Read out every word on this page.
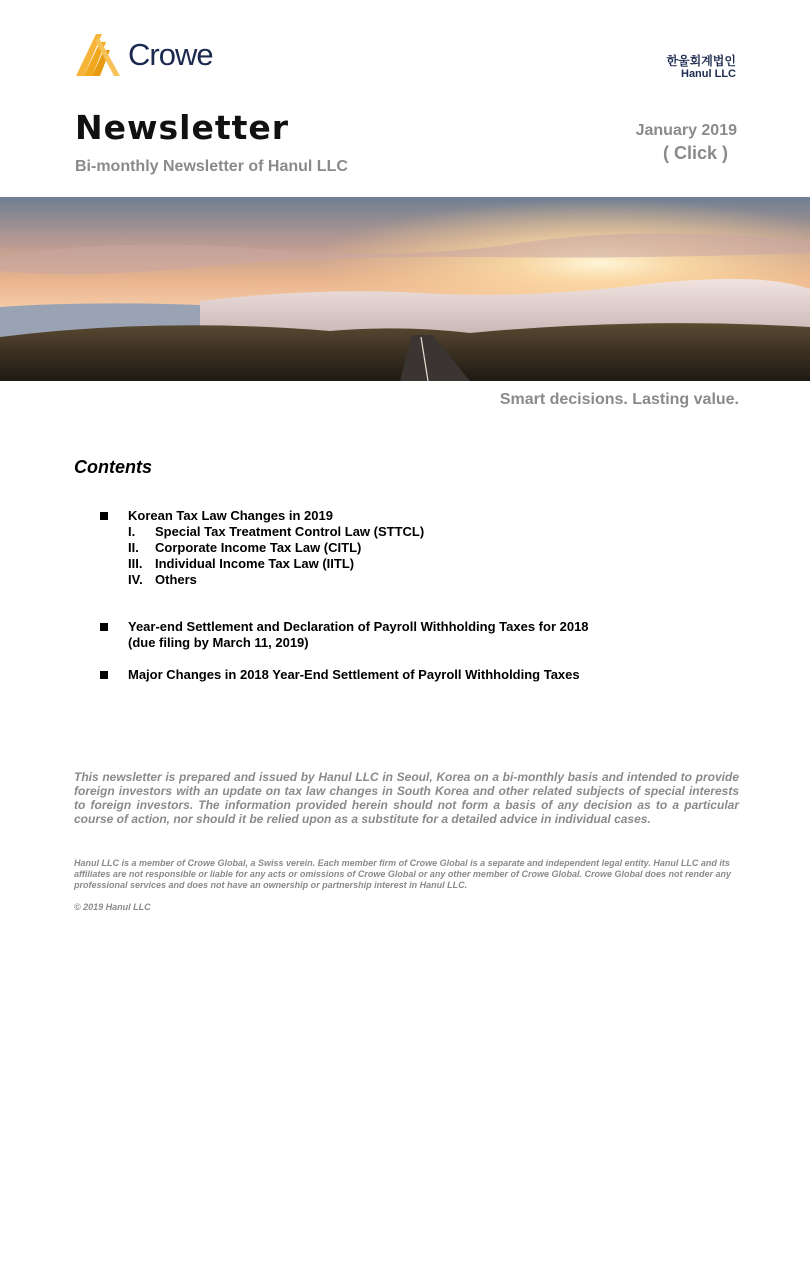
Crowe	한울회계법인
Hanul LLC
Newsletter
Bi-monthly Newsletter of Hanul LLC
January 2019
( Click )
Smart decisions. Lasting value.
Contents
Korean Tax Law Changes in 2019
I. Special Tax Treatment Control Law (STTCL)
II. Corporate Income Tax Law (CITL)
III. Individual Income Tax Law (IITL)
IV. Others
Year-end Settlement and Declaration of Payroll Withholding Taxes for 2018
(due filing by March 11, 2019)
Major Changes in 2018 Year-End Settlement of Payroll Withholding Taxes
This newsletter is prepared and issued by Hanul LLC in Seoul, Korea on a bi-monthly basis and intended to provide foreign investors with an update on tax law changes in South Korea and other related subjects of special interests to foreign investors. The information provided herein should not form a basis of any decision as to a particular course of action, nor should it be relied upon as a substitute for a detailed advice in individual cases.
Hanul LLC is a member of Crowe Global, a Swiss verein. Each member firm of Crowe Global is a separate and independent legal entity. Hanul LLC and its affiliates are not responsible or liable for any acts or omissions of Crowe Global or any other member of Crowe Global. Crowe Global does not render any professional services and does not have an ownership or partnership interest in Hanul LLC.
© 2019 Hanul LLC
